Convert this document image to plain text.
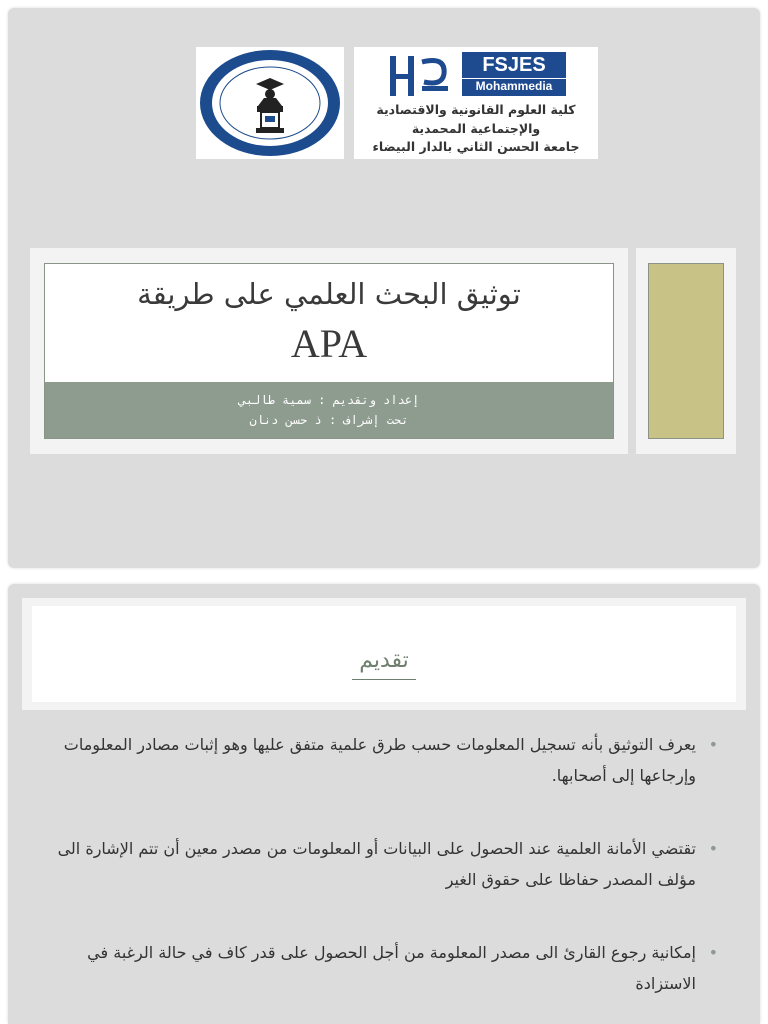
FSJES
Mohammedia
كلية العلوم القانونية والاقتصادية
والإجتماعية المحمدية
جامعة الحسن الثاني بالدار البيضاء
توثيق البحث العلمي على طريقة
APA
إعداد وتقديم : سمية طالبي
تحت إشراف : ذ حسن دنان
تقديم
•
يعرف التوثيق بأنه تسجيل المعلومات حسب طرق علمية متفق عليها وهو إثبات مصادر المعلومات وإرجاعها إلى أصحابها.
•
تقتضي الأمانة العلمية عند الحصول على البيانات أو المعلومات من مصدر معين أن تتم الإشارة الى مؤلف المصدر حفاظا على حقوق الغير
•
إمكانية رجوع القارئ الى مصدر المعلومة من أجل الحصول على قدر كاف في حالة الرغبة في الاستزادة
